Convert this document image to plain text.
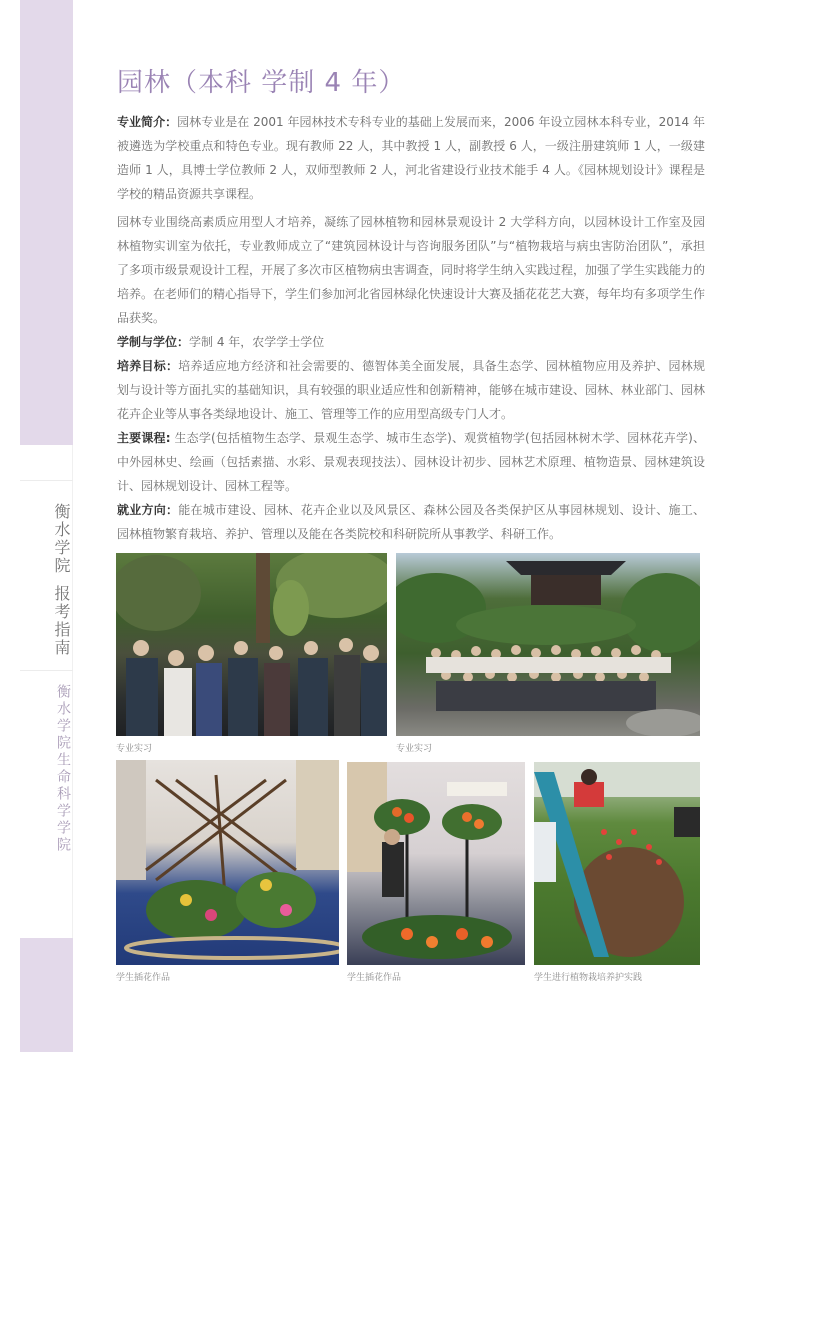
衡水学院报考指南
衡水学院生命科学学院
园林（本科 学制 4 年）

专业简介：园林专业是在 2001 年园林技术专科专业的基础上发展而来，2006 年设立园林本科专业，2014 年被遴选为学校重点和特色专业。现有教师 22 人，其中教授 1 人，副教授 6 人，一级注册建筑师 1 人，一级建造师 1 人，具博士学位教师 2 人，双师型教师 2 人，河北省建设行业技术能手 4 人。《园林规划设计》课程是学校的精品资源共享课程。

园林专业围绕高素质应用型人才培养，凝练了园林植物和园林景观设计 2 大学科方向，以园林设计工作室及园林植物实训室为依托，专业教师成立了“建筑园林设计与咨询服务团队”与“植物栽培与病虫害防治团队”，承担了多项市级景观设计工程，开展了多次市区植物病虫害调查，同时将学生纳入实践过程，加强了学生实践能力的培养。在老师们的精心指导下，学生们参加河北省园林绿化快速设计大赛及插花花艺大赛，每年均有多项学生作品获奖。

学制与学位：学制 4 年，农学学士学位

培养目标：培养适应地方经济和社会需要的、德智体美全面发展，具备生态学、园林植物应用及养护、园林规划与设计等方面扎实的基础知识，具有较强的职业适应性和创新精神，能够在城市建设、园林、林业部门、园林花卉企业等从事各类绿地设计、施工、管理等工作的应用型高级专门人才。

主要课程: 生态学(包括植物生态学、景观生态学、城市生态学)、观赏植物学(包括园林树木学、园林花卉学)、中外园林史、绘画（包括素描、水彩、景观表现技法）、园林设计初步、园林艺术原理、植物造景、园林建筑设计、园林规划设计、园林工程等。

就业方向：能在城市建设、园林、花卉企业以及风景区、森林公园及各类保护区从事园林规划、设计、施工、园林植物繁育栽培、养护、管理以及能在各类院校和科研院所从事教学、科研工作。

专业实习	专业实习
学生插花作品	学生插花作品	学生进行植物栽培养护实践
